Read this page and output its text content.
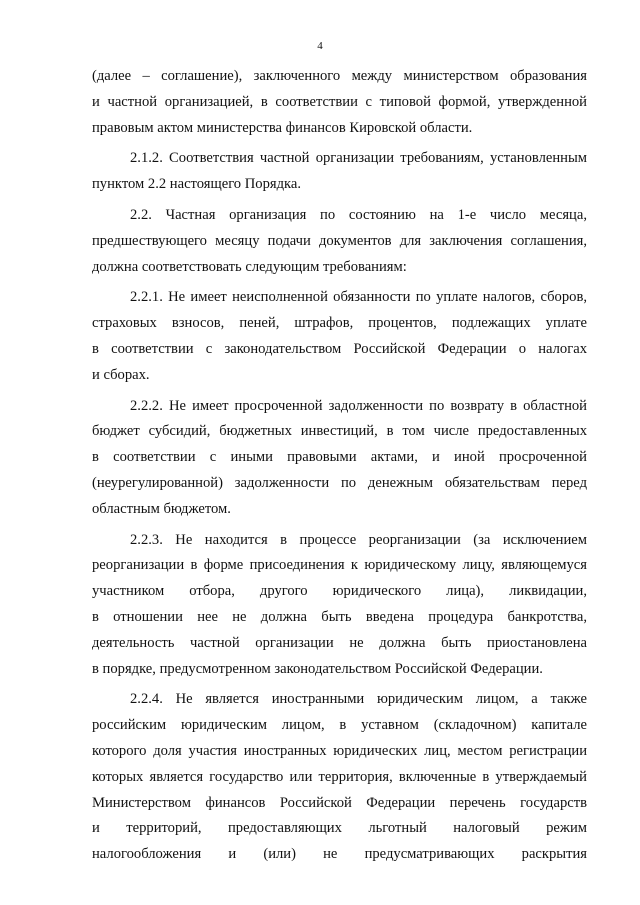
4
(далее – соглашение), заключенного между министерством образования
и частной организацией, в соответствии с типовой формой, утвержденной
правовым актом министерства финансов Кировской области.
2.1.2. Соответствия частной организации требованиям, установленным
пунктом 2.2 настоящего Порядка.
2.2. Частная организация по состоянию на 1-е число месяца,
предшествующего месяцу подачи документов для заключения соглашения,
должна соответствовать следующим требованиям:
2.2.1. Не имеет неисполненной обязанности по уплате налогов, сборов,
страховых взносов, пеней, штрафов, процентов, подлежащих уплате
в соответствии с законодательством Российской Федерации о налогах
и сборах.
2.2.2. Не имеет просроченной задолженности по возврату в областной
бюджет субсидий, бюджетных инвестиций, в том числе предоставленных
в соответствии с иными правовыми актами, и иной просроченной
(неурегулированной) задолженности по денежным обязательствам перед
областным бюджетом.
2.2.3. Не находится в процессе реорганизации (за исключением
реорганизации в форме присоединения к юридическому лицу, являющемуся
участником отбора, другого юридического лица), ликвидации,
в отношении нее не должна быть введена процедура банкротства,
деятельность частной организации не должна быть приостановлена
в порядке, предусмотренном законодательством Российской Федерации.
2.2.4. Не является иностранными юридическим лицом, а также
российским юридическим лицом, в уставном (складочном) капитале
которого доля участия иностранных юридических лиц, местом регистрации
которых является государство или территория, включенные в утверждаемый
Министерством финансов Российской Федерации перечень государств
и территорий, предоставляющих льготный налоговый режим
налогообложения и (или) не предусматривающих раскрытия
